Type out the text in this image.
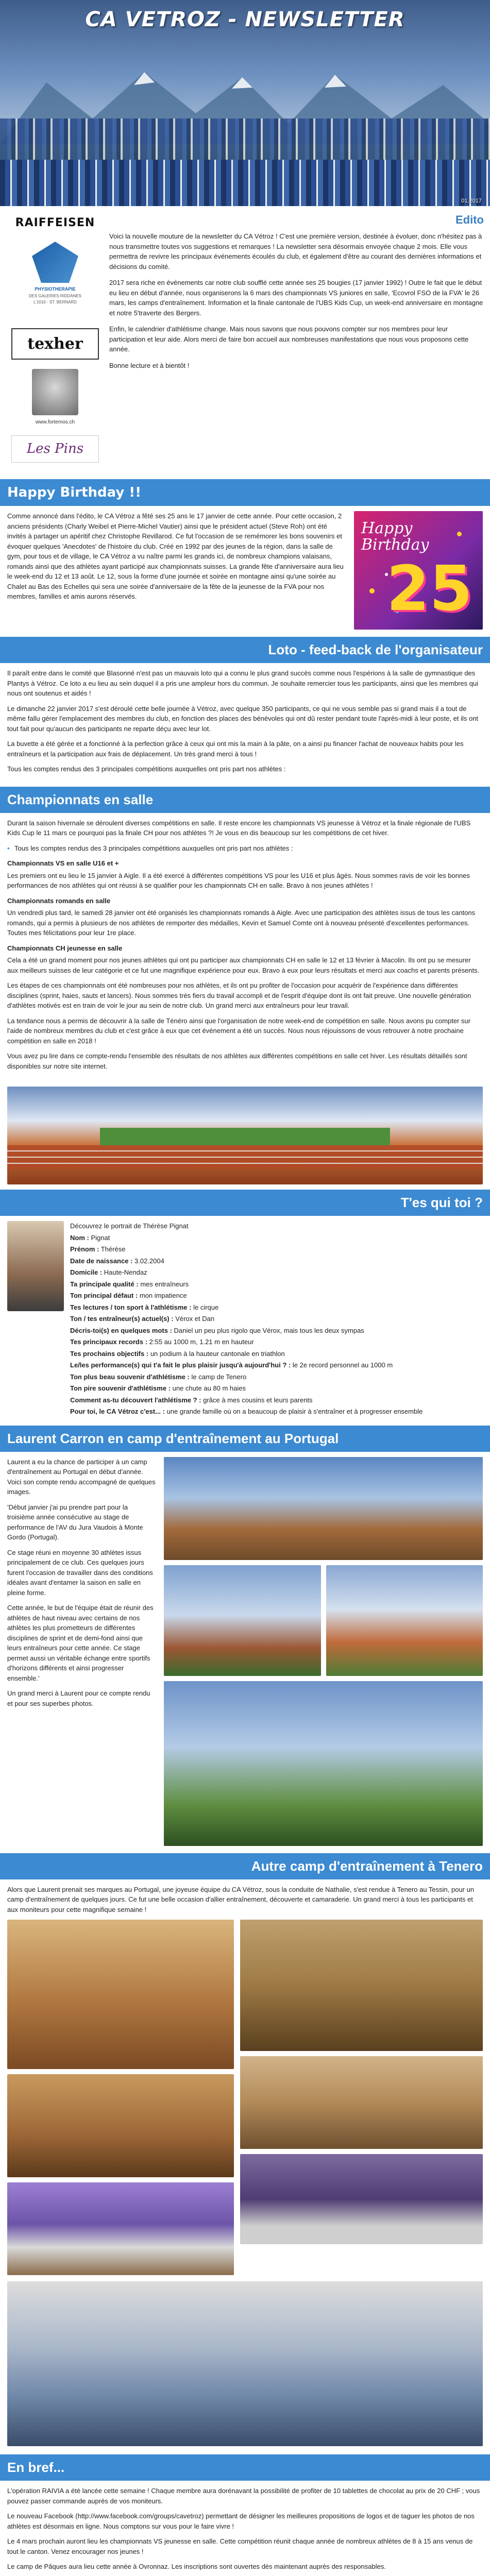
CA VETROZ - NEWSLETTER
01.2017
RAIFFEISEN
PHYSIOTHERAPIE
DES GALERIES RIDDANES
L'1010 - ST. BERNARD
texher
www.fortemos.ch
Les Pins
Edito

Voici la nouvelle mouture de la newsletter du CA Vétroz ! C'est une première version, destinée à évoluer, donc n'hésitez pas à nous transmettre toutes vos suggestions et remarques ! La newsletter sera désormais envoyée chaque 2 mois. Elle vous permettra de revivre les principaux événements écoulés du club, et également d'être au courant des dernières informations et décisions du comité.

2017 sera riche en événements car notre club soufflé cette année ses 25 bougies (17 janvier 1992) ! Outre le fait que le début eu lieu en début d'année, nous organiserons la 6 mars des championnats VS juniores en salle, 'Ecovrol FSO de la FVA' le 26 mars, les camps d'entraînement. Information et la finale cantonale de l'UBS Kids Cup, un week-end anniversaire en montagne et notre 5'traverte des Bergers.

Enfin, le calendrier d'athlétisme change. Mais nous savons que nous pouvons compter sur nos membres pour leur participation et leur aide. Alors merci de faire bon accueil aux nombreuses manifestations que nous vous proposons cette année.

Bonne lecture et à bientôt !

Happy Birthday !!
Comme annoncé dans l'édito, le CA Vétroz a fêté ses 25 ans le 17 janvier de cette année. Pour cette occasion, 2 anciens présidents (Charly Weibel et Pierre-Michel Vautier) ainsi que le président actuel (Steve Roh) ont été invités à partager un apéritif chez Christophe Revillarod. Ce fut l'occasion de se remémorer les bons souvenirs et évoquer quelques 'Anecdotes' de l'histoire du club. Créé en 1992 par des jeunes de la région, dans la salle de gym, pour tous et de village, le CA Vétroz a vu naître parmi les grands ici, de nombreux champions valaisans, romands ainsi que des athlètes ayant participé aux championnats suisses. La grande fête d'anniversaire aura lieu le week-end du 12 et 13 août. Le 12, sous la forme d'une journée et soirée en montagne ainsi qu'une soirée au Chalet au Bas des Echelles qui sera une soirée d'anniversaire de la fête de la jeunesse de la FVA pour nos membres, familles et amis aurons réservés.
Happy Birthday
25
Loto - feed-back de l'organisateur

Il paraît entre dans le comité que Blasonné n'est pas un mauvais loto qui a connu le plus grand succès comme nous l'espérions à la salle de gymnastique des Plantys à Vétroz. Ce loto a eu lieu au sein duquel il a pris une ampleur hors du commun. Je souhaite remercier tous les participants, ainsi que les membres qui nous ont soutenus et aidés !

Le dimanche 22 janvier 2017 s'est déroulé cette belle journée à Vétroz, avec quelque 350 participants, ce qui ne vous semble pas si grand mais il a tout de même fallu gérer l'emplacement des membres du club, en fonction des places des bénévoles qui ont dû rester pendant toute l'après-midi à leur poste, et ils ont tout fait pour qu'aucun des participants ne reparte déçu avec leur lot.

La buvette a été gérée et a fonctionné à la perfection grâce à ceux qui ont mis la main à la pâte, on a ainsi pu financer l'achat de nouveaux habits pour les entraîneurs et la participation aux frais de déplacement. Un très grand merci à tous !

Tous les comptes rendus des 3 principales compétitions auxquelles ont pris part nos athlètes :

Championnats en salle

Durant la saison hivernale se déroulent diverses compétitions en salle. Il reste encore les championnats VS jeunesse à Vétroz et la finale régionale de l'UBS Kids Cup le 11 mars ce pourquoi pas la finale CH pour nos athlètes ?! Je vous en dis beaucoup sur les compétitions de cet hiver.

• Tous les comptes rendus des 3 principales compétitions auxquelles ont pris part nos athlètes :
Championnats VS en salle U16 et +

Les premiers ont eu lieu le 15 janvier à Aigle. Il a été exercé à différentes compétitions VS pour les U16 et plus âgés. Nous sommes ravis de voir les bonnes performances de nos athlètes qui ont réussi à se qualifier pour les championnats CH en salle. Bravo à nos jeunes athlètes !

Championnats romands en salle

Un vendredi plus tard, le samedi 28 janvier ont été organisés les championnats romands à Aigle. Avec une participation des athlètes issus de tous les cantons romands, qui a permis à plusieurs de nos athlètes de remporter des médailles, Kevin et Samuel Comte ont à nouveau présenté d'excellentes performances. Toutes mes félicitations pour leur 1re place.

Championnats CH jeunesse en salle

Cela a été un grand moment pour nos jeunes athlètes qui ont pu participer aux championnats CH en salle le 12 et 13 février à Macolin. Ils ont pu se mesurer aux meilleurs suisses de leur catégorie et ce fut une magnifique expérience pour eux. Bravo à eux pour leurs résultats et merci aux coachs et parents présents.

Les étapes de ces championnats ont été nombreuses pour nos athlètes, et ils ont pu profiter de l'occasion pour acquérir de l'expérience dans différentes disciplines (sprint, haies, sauts et lancers). Nous sommes très fiers du travail accompli et de l'esprit d'équipe dont ils ont fait preuve. Une nouvelle génération d'athlètes motivés est en train de voir le jour au sein de notre club. Un grand merci aux entraîneurs pour leur travail.

La tendance nous a permis de découvrir à la salle de Ténéro ainsi que l'organisation de notre week-end de compétition en salle. Nous avons pu compter sur l'aide de nombreux membres du club et c'est grâce à eux que cet événement a été un succès. Nous nous réjouissons de vous retrouver à notre prochaine compétition en salle en 2018 !

Vous avez pu lire dans ce compte-rendu l'ensemble des résultats de nos athlètes aux différentes compétitions en salle cet hiver. Les résultats détaillés sont disponibles sur notre site internet.

T'es qui toi ?
Découvrez le portrait de Thérèse Pignat
Nom : Pignat
Prénom : Thérèse
Date de naissance : 3.02.2004
Domicile : Haute-Nendaz
Ta principale qualité : mes entraîneurs
Ton principal défaut : mon impatience
Tes lectures / ton sport à l'athlétisme : le cirque
Ton / tes entraîneur(s) actuel(s) : Vérox et Dan
Décris-toi(s) en quelques mots : Daniel un peu plus rigolo que Vérox, mais tous les deux sympas
Tes principaux records : 2:55 au 1000 m, 1.21 m en hauteur
Tes prochains objectifs : un podium à la hauteur cantonale en triathlon
Le/les performance(s) qui t'a fait le plus plaisir jusqu'à aujourd'hui ? : le 2e record personnel au 1000 m
Ton plus beau souvenir d'athlétisme : le camp de Tenero
Ton pire souvenir d'athlétisme : une chute au 80 m haies
Comment as-tu découvert l'athlétisme ? : grâce à mes cousins et leurs parents
Pour toi, le CA Vétroz c'est... : une grande famille où on a beaucoup de plaisir à s'entraîner et à progresser ensemble
Laurent Carron en camp d'entraînement au Portugal

Laurent a eu la chance de participer à un camp d'entraînement au Portugal en début d'année. Voici son compte rendu accompagné de quelques images.

'Début janvier j'ai pu prendre part pour la troisième année consécutive au stage de performance de l'AV du Jura Vaudois à Monte Gordo (Portugal).

Ce stage réuni en moyenne 30 athlètes issus principalement de ce club. Ces quelques jours furent l'occasion de travailler dans des conditions idéales avant d'entamer la saison en salle en pleine forme.

Cette année, le but de l'équipe était de réunir des athlètes de haut niveau avec certains de nos athlètes les plus prometteurs de différentes disciplines de sprint et de demi-fond ainsi que leurs entraîneurs pour cette année. Ce stage permet aussi un véritable échange entre sportifs d'horizons différents et ainsi progresser ensemble.'

Un grand merci à Laurent pour ce compte rendu et pour ses superbes photos.

Autre camp d'entraînement à Tenero
Alors que Laurent prenait ses marques au Portugal, une joyeuse équipe du CA Vétroz, sous la conduite de Nathalie, s'est rendue à Tenero au Tessin, pour un camp d'entraînement de quelques jours. Ce fut une belle occasion d'allier entraînement, découverte et camaraderie. Un grand merci à tous les participants et aux moniteurs pour cette magnifique semaine !
En bref...

L'opération RAIVIA a été lancée cette semaine ! Chaque membre aura dorénavant la possibilité de profiter de 10 tablettes de chocolat au prix de 20 CHF ; vous pouvez passer commande auprès de vos moniteurs.

Le nouveau Facebook (http://www.facebook.com/groups/cavetroz) permettant de désigner les meilleures propositions de logos et de taguer les photos de nos athlètes est désormais en ligne. Nous comptons sur vous pour le faire vivre !

Le 4 mars prochain auront lieu les championnats VS jeunesse en salle. Cette compétition réunit chaque année de nombreux athlètes de 8 à 15 ans venus de tout le canton. Venez encourager nos jeunes !

Le camp de Pâques aura lieu cette année à Ovronnaz. Les inscriptions sont ouvertes dès maintenant auprès des responsables.
